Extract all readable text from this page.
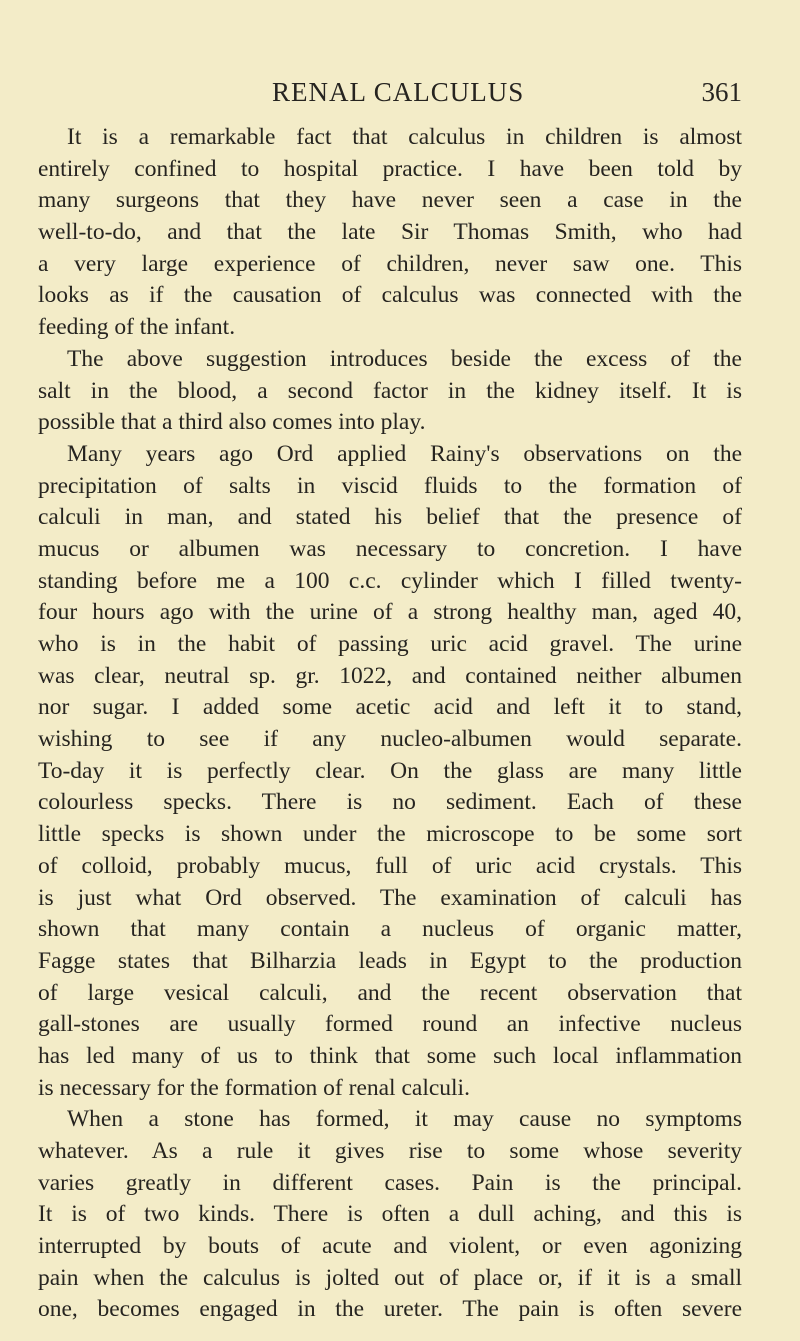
RENAL CALCULUS	361
It is a remarkable fact that calculus in children is almost
entirely confined to hospital practice. I have been told by
many surgeons that they have never seen a case in the
well-to-do, and that the late Sir Thomas Smith, who had
a very large experience of children, never saw one. This
looks as if the causation of calculus was connected with the
feeding of the infant.
The above suggestion introduces beside the excess of the
salt in the blood, a second factor in the kidney itself. It is
possible that a third also comes into play.
Many years ago Ord applied Rainy's observations on the
precipitation of salts in viscid fluids to the formation of
calculi in man, and stated his belief that the presence of
mucus or albumen was necessary to concretion. I have
standing before me a 100 c.c. cylinder which I filled twenty-
four hours ago with the urine of a strong healthy man, aged 40,
who is in the habit of passing uric acid gravel. The urine
was clear, neutral sp. gr. 1022, and contained neither albumen
nor sugar. I added some acetic acid and left it to stand,
wishing to see if any nucleo-albumen would separate.
To-day it is perfectly clear. On the glass are many little
colourless specks. There is no sediment. Each of these
little specks is shown under the microscope to be some sort
of colloid, probably mucus, full of uric acid crystals. This
is just what Ord observed. The examination of calculi has
shown that many contain a nucleus of organic matter,
Fagge states that Bilharzia leads in Egypt to the production
of large vesical calculi, and the recent observation that
gall-stones are usually formed round an infective nucleus
has led many of us to think that some such local inflammation
is necessary for the formation of renal calculi.
When a stone has formed, it may cause no symptoms
whatever. As a rule it gives rise to some whose severity
varies greatly in different cases. Pain is the principal.
It is of two kinds. There is often a dull aching, and this is
interrupted by bouts of acute and violent, or even agonizing
pain when the calculus is jolted out of place or, if it is a small
one, becomes engaged in the ureter. The pain is often severe
